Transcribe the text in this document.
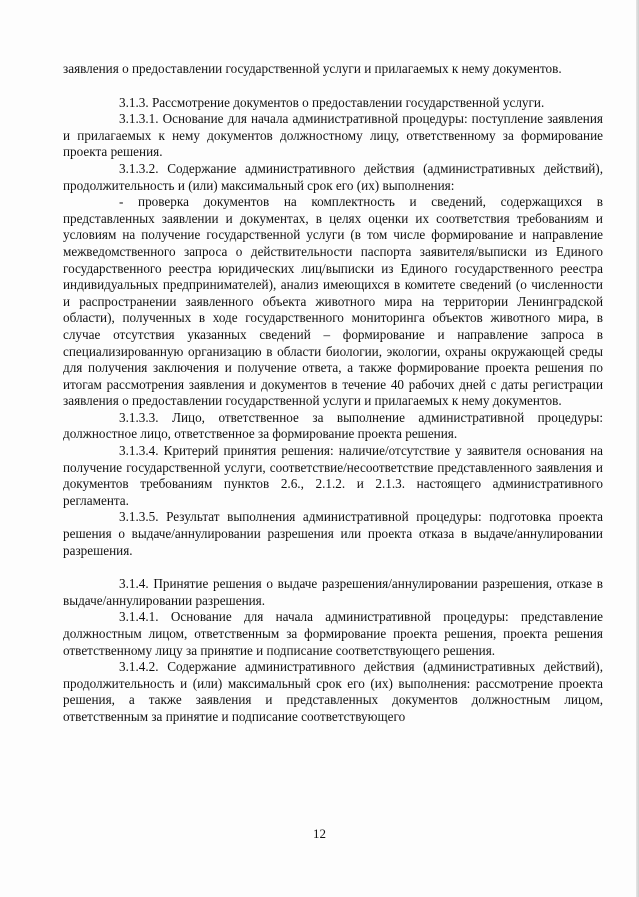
заявления о предоставлении государственной услуги и прилагаемых к нему документов.

3.1.3. Рассмотрение документов о предоставлении государственной услуги.

3.1.3.1. Основание для начала административной процедуры: поступление заявления и прилагаемых к нему документов должностному лицу, ответственному за формирование проекта решения.

3.1.3.2. Содержание административного действия (административных действий), продолжительность и (или) максимальный срок его (их) выполнения:

- проверка документов на комплектность и сведений, содержащихся в представленных заявлении и документах, в целях оценки их соответствия требованиям и условиям на получение государственной услуги (в том числе формирование и направление межведомственного запроса о действительности паспорта заявителя/выписки из Единого государственного реестра юридических лиц/выписки из Единого государственного реестра индивидуальных предпринимателей), анализ имеющихся в комитете сведений (о численности и распространении заявленного объекта животного мира на территории Ленинградской области), полученных в ходе государственного мониторинга объектов животного мира, в случае отсутствия указанных сведений – формирование и направление запроса в специализированную организацию в области биологии, экологии, охраны окружающей среды для получения заключения и получение ответа, а также формирование проекта решения по итогам рассмотрения заявления и документов в течение 40 рабочих дней с даты регистрации заявления о предоставлении государственной услуги и прилагаемых к нему документов.

3.1.3.3. Лицо, ответственное за выполнение административной процедуры: должностное лицо, ответственное за формирование проекта решения.

3.1.3.4. Критерий принятия решения: наличие/отсутствие у заявителя основания на получение государственной услуги, соответствие/несоответствие представленного заявления и документов требованиям пунктов 2.6., 2.1.2. и 2.1.3. настоящего административного регламента.

3.1.3.5. Результат выполнения административной процедуры: подготовка проекта решения о выдаче/аннулировании разрешения или проекта отказа в выдаче/аннулировании разрешения.

3.1.4. Принятие решения о выдаче разрешения/аннулировании разрешения, отказе в выдаче/аннулировании разрешения.

3.1.4.1. Основание для начала административной процедуры: представление должностным лицом, ответственным за формирование проекта решения, проекта решения ответственному лицу за принятие и подписание соответствующего решения.

3.1.4.2. Содержание административного действия (административных действий), продолжительность и (или) максимальный срок его (их) выполнения: рассмотрение проекта решения, а также заявления и представленных документов должностным лицом, ответственным за принятие и подписание соответствующего

12
